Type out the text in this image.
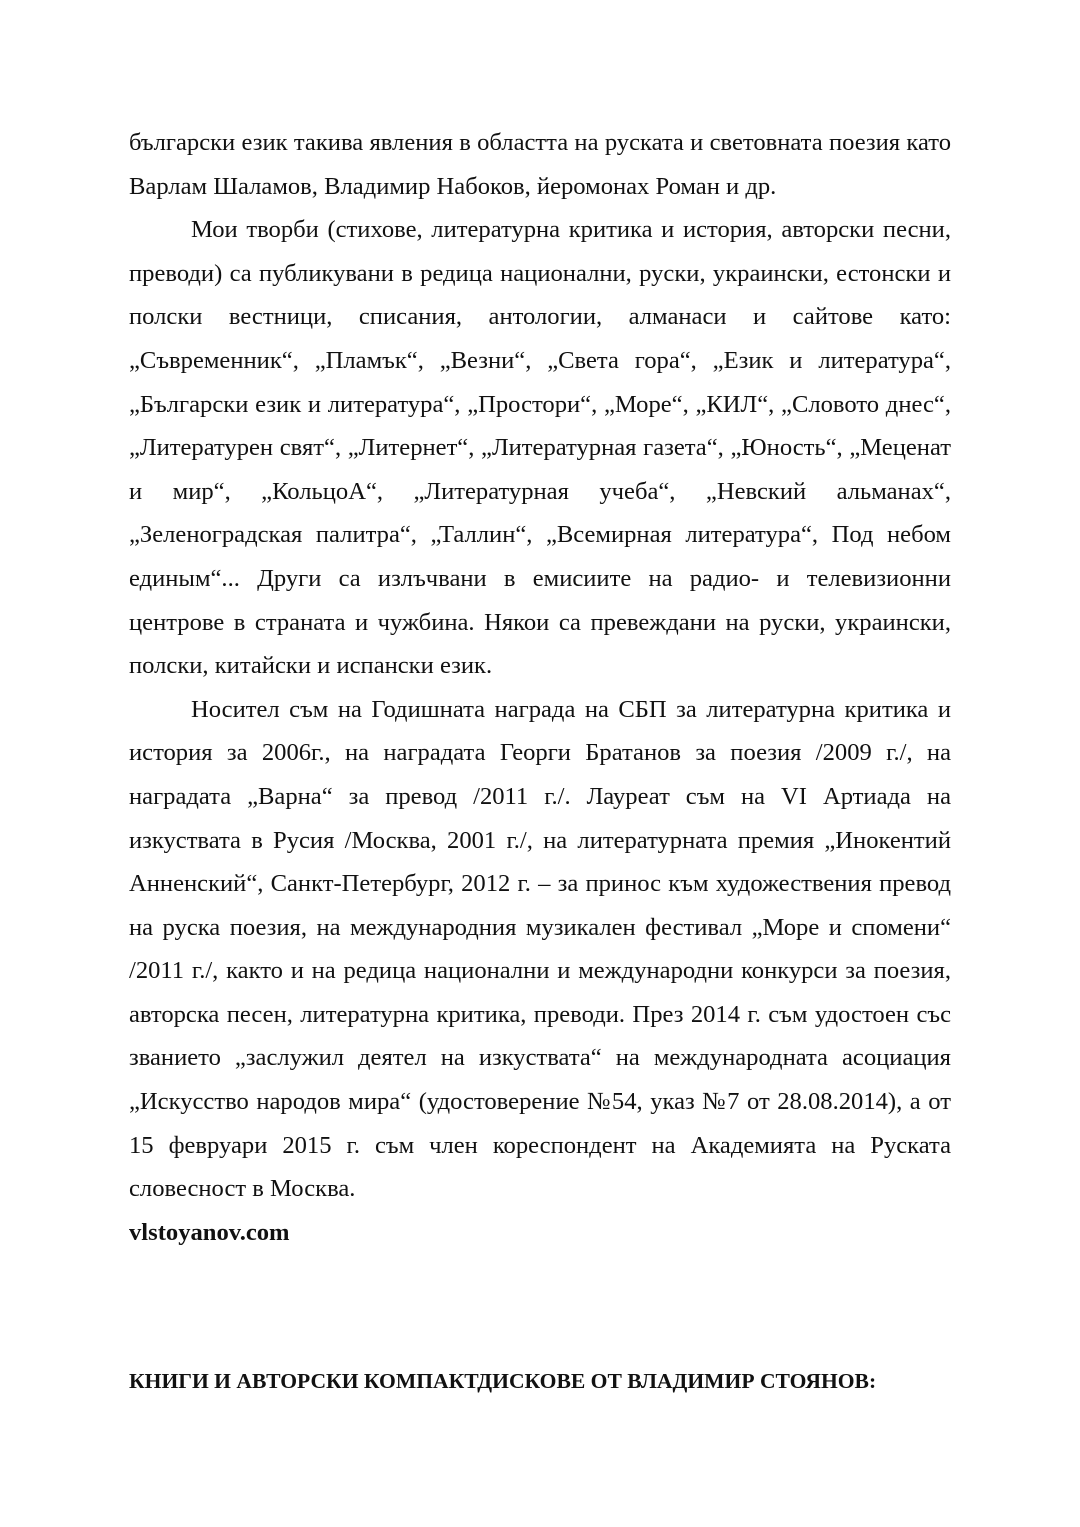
български език такива явления в областта на руската и световната поезия като Варлам Шаламов, Владимир Набоков, йеромонах Роман и др.

Мои творби (стихове, литературна критика и история, авторски песни, преводи) са публикувани в редица национални, руски, украински, естонски и полски вестници, списания, антологии, алманаси и сайтове като: „Съвременник“, „Пламък“, „Везни“, „Света гора“, „Език и литература“, „Български език и литература“, „Простори“, „Море“, „КИЛ“, „Словото днес“, „Литературен свят“, „Литернет“, „Литературная газета“, „Юность“, „Меценат и мир“, „КольцоА“, „Литературная учеба“, „Невский альманах“, „Зеленоградская палитра“, „Таллин“, „Всемирная литература“, Под небом единым“... Други са излъчвани в емисиите на радио- и телевизионни центрове в страната и чужбина. Някои са превеждани на руски, украински, полски, китайски и испански език.

Носител съм на Годишната награда на СБП за литературна критика и история за 2006г., на наградата Георги Братанов за поезия /2009 г./, на наградата „Варна“ за превод /2011 г./. Лауреат съм на VI Артиада на изкуствата в Русия /Москва, 2001 г./, на литературната премия „Инокентий Анненский“, Санкт-Петербург, 2012 г. – за принос към художествения превод на руска поезия, на международния музикален фестивал „Море и спомени“ /2011 г./, както и на редица национални и международни конкурси за поезия, авторска песен, литературна критика, преводи. През 2014 г. съм удостоен със званието „заслужил деятел на изкуствата“ на международната асоциация „Искусство народов мира“ (удостоверение №54, указ №7 от 28.08.2014), а от 15 февруари 2015 г. съм член кореспондент на Академията на Руската словесност в Москва.

vlstoyanov.com

КНИГИ И АВТОРСКИ КОМПАКТДИСКОВЕ ОТ ВЛАДИМИР СТОЯНОВ:
